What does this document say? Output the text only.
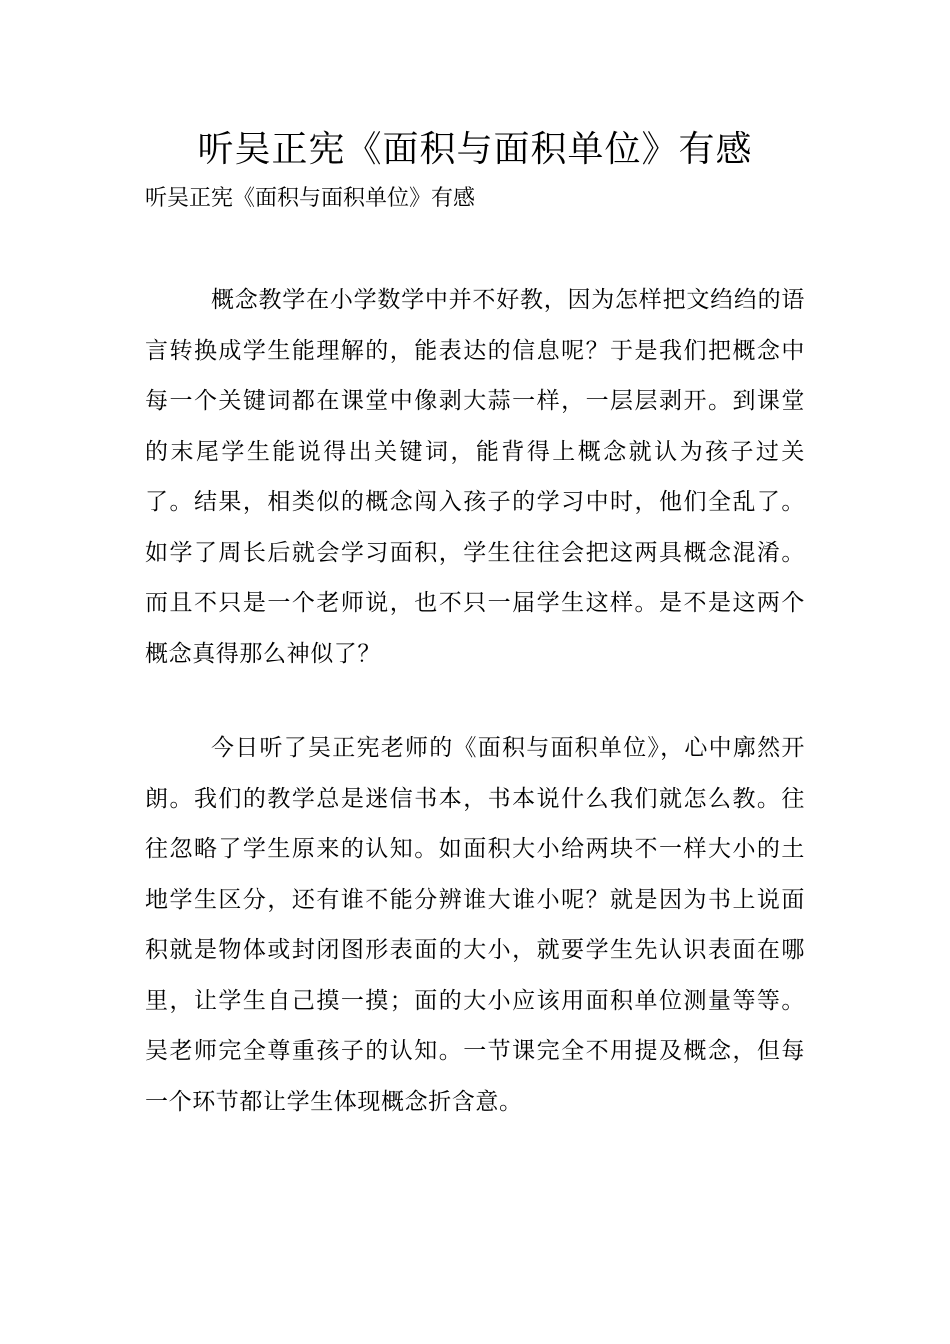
听吴正宪《面积与面积单位》有感
听吴正宪《面积与面积单位》有感

概念教学在小学数学中并不好教，因为怎样把文绉绉的语言转换成学生能理解的，能表达的信息呢？于是我们把概念中每一个关键词都在课堂中像剥大蒜一样，一层层剥开。到课堂的末尾学生能说得出关键词，能背得上概念就认为孩子过关了。结果，相类似的概念闯入孩子的学习中时，他们全乱了。如学了周长后就会学习面积，学生往往会把这两具概念混淆。而且不只是一个老师说，也不只一届学生这样。是不是这两个概念真得那么神似了？

今日听了吴正宪老师的《面积与面积单位》，心中廓然开朗。我们的教学总是迷信书本，书本说什么我们就怎么教。往往忽略了学生原来的认知。如面积大小给两块不一样大小的土地学生区分，还有谁不能分辨谁大谁小呢？就是因为书上说面积就是物体或封闭图形表面的大小，就要学生先认识表面在哪里，让学生自己摸一摸；面的大小应该用面积单位测量等等。吴老师完全尊重孩子的认知。一节课完全不用提及概念，但每一个环节都让学生体现概念折含意。
